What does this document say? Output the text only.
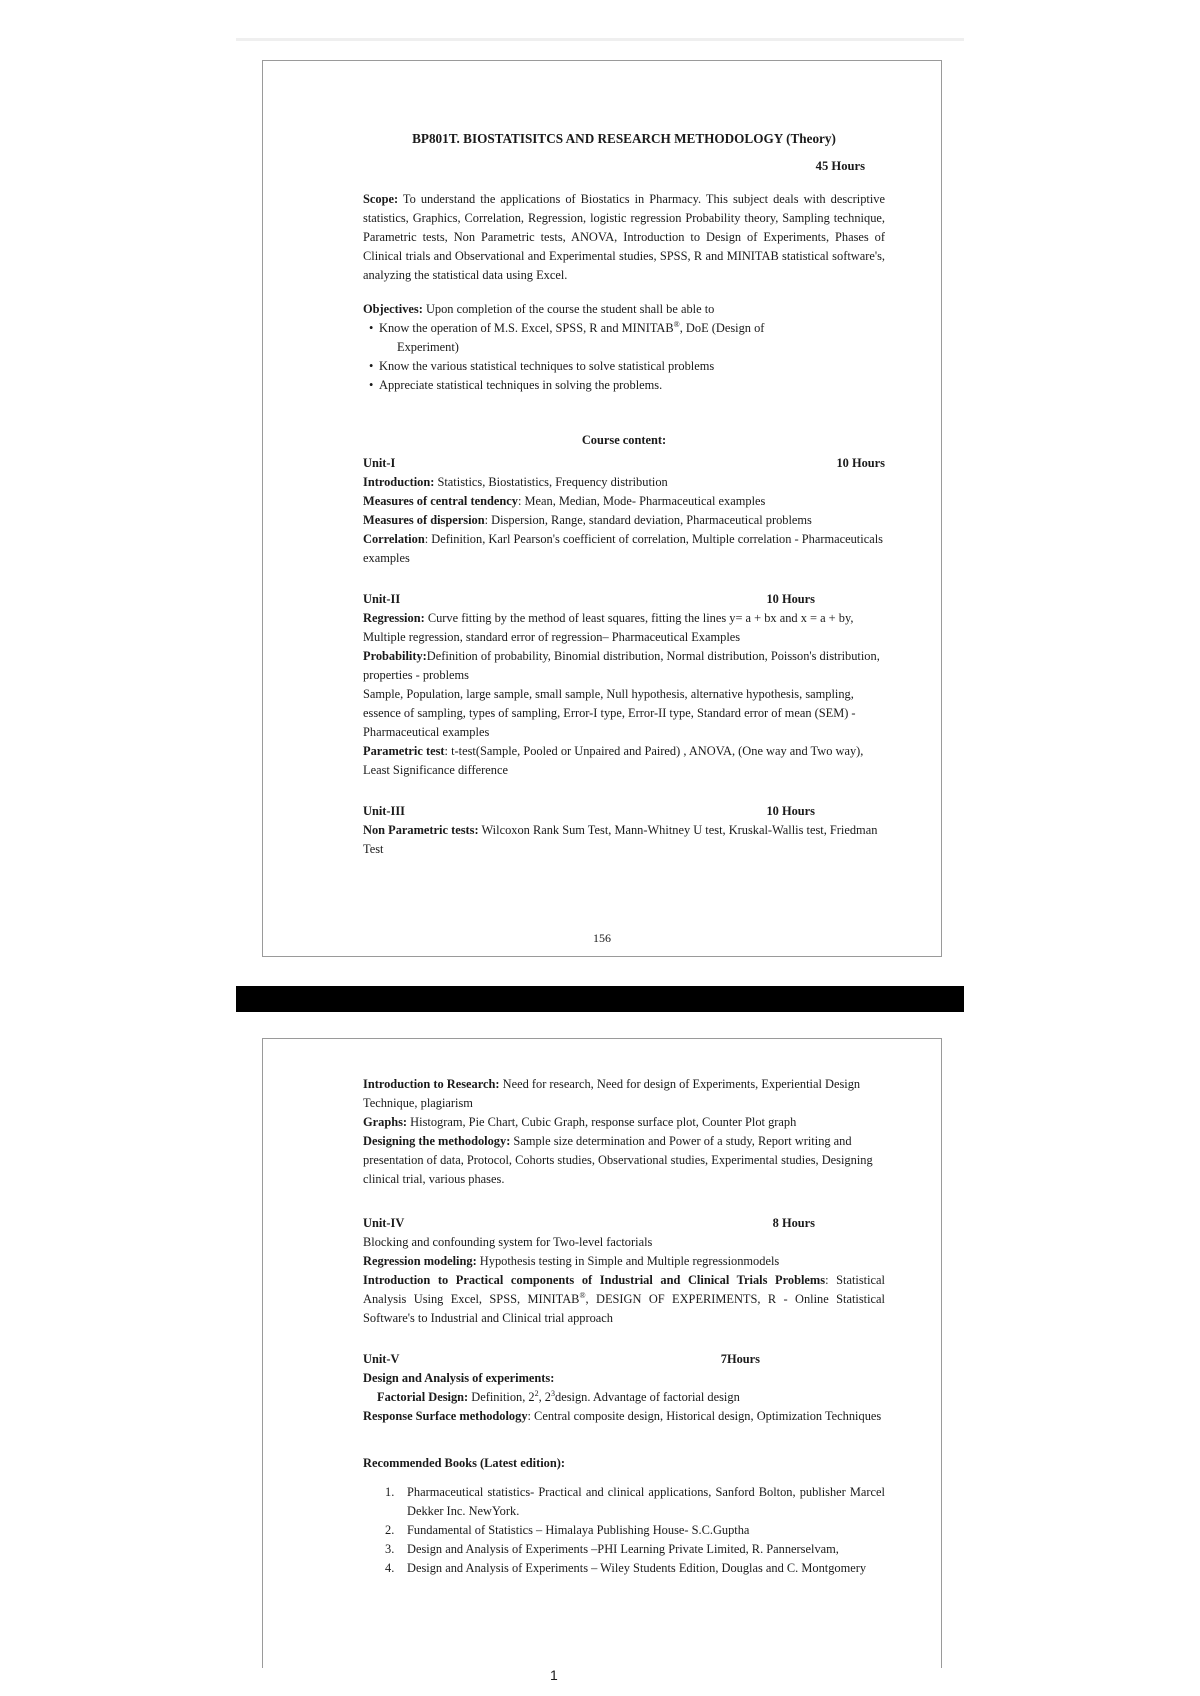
BP801T. BIOSTATISITCS AND RESEARCH METHODOLOGY (Theory)
45 Hours

Scope: To understand the applications of Biostatics in Pharmacy. This subject deals with descriptive statistics, Graphics, Correlation, Regression, logistic regression Probability theory, Sampling technique, Parametric tests, Non Parametric tests, ANOVA, Introduction to Design of Experiments, Phases of Clinical trials and Observational and Experimental studies, SPSS, R and MINITAB statistical software's, analyzing the statistical data using Excel.

Objectives: Upon completion of the course the student shall be able to

• Know the operation of M.S. Excel, SPSS, R and MINITAB®, DoE (Design of
Experiment)
• Know the various statistical techniques to solve statistical problems
• Appreciate statistical techniques in solving the problems.
Course content:
Unit-I	10 Hours

Introduction: Statistics, Biostatistics, Frequency distribution

Measures of central tendency: Mean, Median, Mode- Pharmaceutical examples

Measures of dispersion: Dispersion, Range, standard deviation, Pharmaceutical problems

Correlation: Definition, Karl Pearson's coefficient of correlation, Multiple correlation - Pharmaceuticals examples

Unit-II	10 Hours

Regression: Curve fitting by the method of least squares, fitting the lines y= a + bx and x = a + by, Multiple regression, standard error of regression– Pharmaceutical Examples

Probability:Definition of probability, Binomial distribution, Normal distribution, Poisson's distribution, properties - problems

Sample, Population, large sample, small sample, Null hypothesis, alternative hypothesis, sampling, essence of sampling, types of sampling, Error-I type, Error-II type, Standard error of mean (SEM) - Pharmaceutical examples

Parametric test: t-test(Sample, Pooled or Unpaired and Paired) , ANOVA, (One way and Two way), Least Significance difference

Unit-III	10 Hours

Non Parametric tests: Wilcoxon Rank Sum Test, Mann-Whitney U test, Kruskal-Wallis test, Friedman Test

156

Introduction to Research: Need for research, Need for design of Experiments, Experiential Design Technique, plagiarism

Graphs: Histogram, Pie Chart, Cubic Graph, response surface plot, Counter Plot graph

Designing the methodology: Sample size determination and Power of a study, Report writing and presentation of data, Protocol, Cohorts studies, Observational studies, Experimental studies, Designing clinical trial, various phases.

Unit-IV	8 Hours

Blocking and confounding system for Two-level factorials

Regression modeling: Hypothesis testing in Simple and Multiple regressionmodels

Introduction to Practical components of Industrial and Clinical Trials Problems: Statistical Analysis Using Excel, SPSS, MINITAB®, DESIGN OF EXPERIMENTS, R - Online Statistical Software's to Industrial and Clinical trial approach

Unit-V	7Hours

Design and Analysis of experiments:

Factorial Design: Definition, $2^2$, $2^3design$. Advantage of factorial design

Response Surface methodology: Central composite design, Historical design, Optimization Techniques

Recommended Books (Latest edition):

1.	Pharmaceutical statistics- Practical and clinical applications, Sanford Bolton, publisher Marcel Dekker Inc. NewYork.
2.	Fundamental of Statistics – Himalaya Publishing House- S.C.Guptha
3.	Design and Analysis of Experiments –PHI Learning Private Limited, R. Pannerselvam,
4.	Design and Analysis of Experiments – Wiley Students Edition, Douglas and C. Montgomery
1
